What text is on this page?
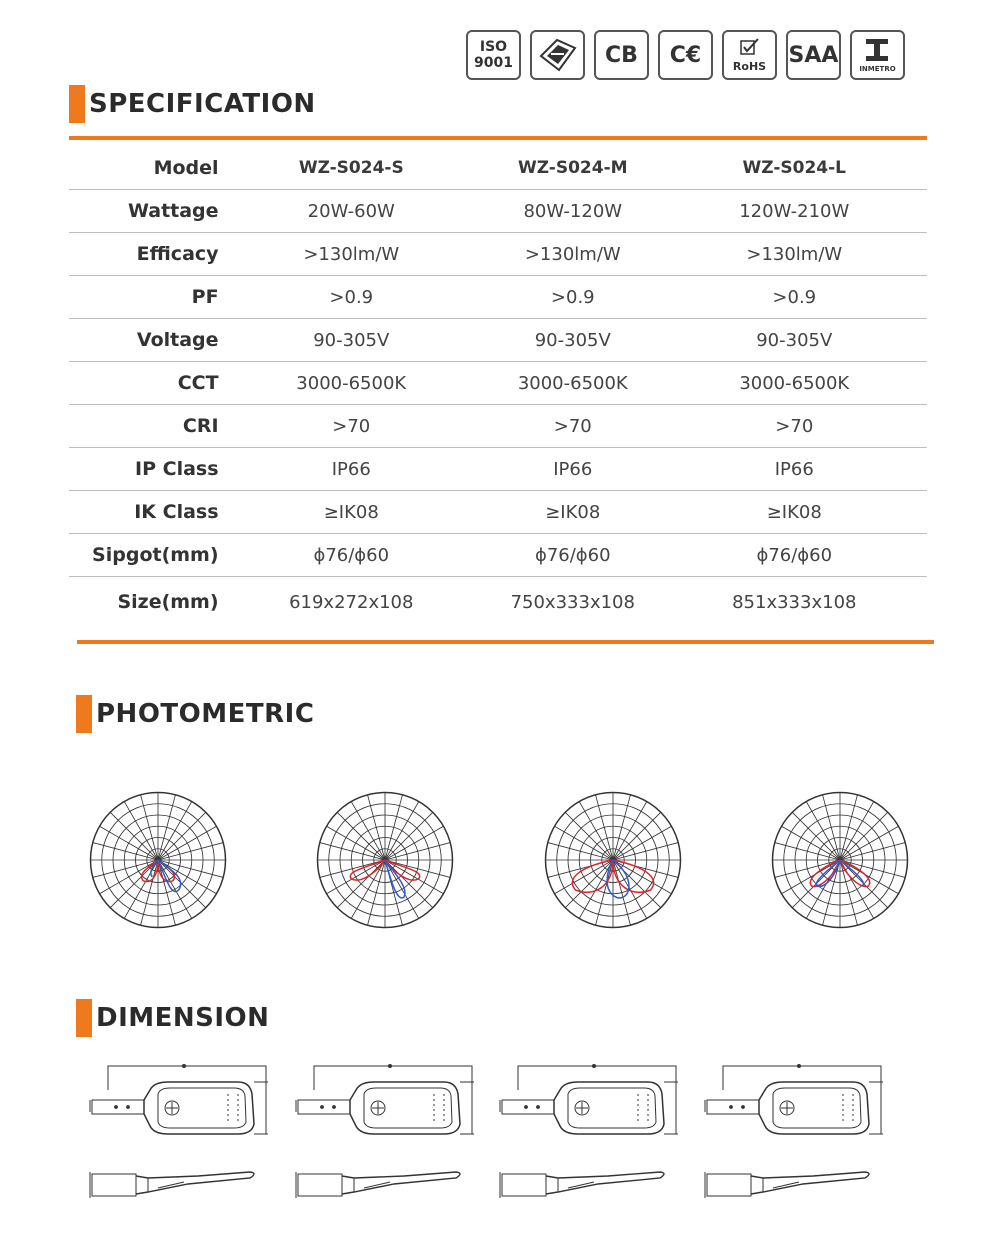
ISO
9001	CB C€	RoHS SAA
INMETRO
SPECIFICATION
Model	WZ-S024-S	WZ-S024-M	WZ-S024-L
Wattage	20W-60W	80W-120W	120W-210W
Efficacy	>130lm/W	>130lm/W	>130lm/W
PF	>0.9	>0.9	>0.9
Voltage	90-305V	90-305V	90-305V
CCT	3000-6500K	3000-6500K	3000-6500K
CRI	>70	>70	>70
IP Class	IP66	IP66	IP66
IK Class	≥IK08	≥IK08	≥IK08
Sipgot(mm)	ϕ76/ϕ60	ϕ76/ϕ60	ϕ76/ϕ60
Size(mm)	619x272x108	750x333x108	851x333x108
PHOTOMETRIC
DIMENSION
